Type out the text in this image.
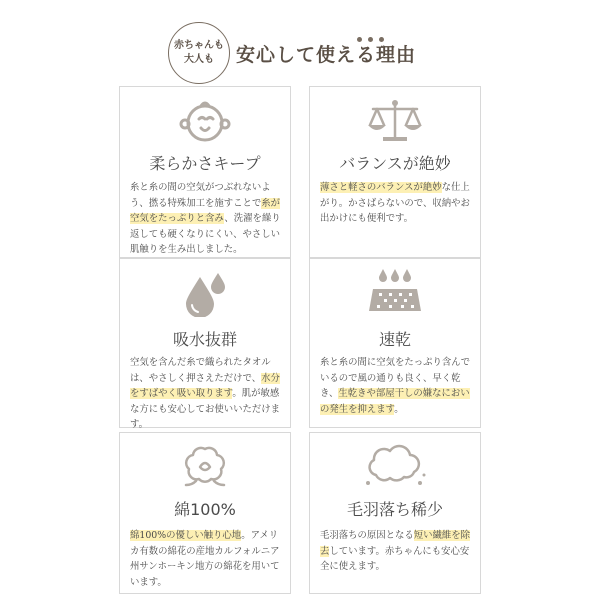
赤ちゃんも
大人も 安心して使える理由
柔らかさキープ
糸と糸の間の空気がつぶれないよう、撚る特殊加工を施すことで糸が空気をたっぷりと含み、洗濯を繰り返しても硬くなりにくい、やさしい肌触りを生み出しました。
バランスが絶妙
薄さと軽さのバランスが絶妙な仕上がり。かさばらないので、収納やお出かけにも便利です。
吸水抜群
空気を含んだ糸で織られたタオルは、やさしく押さえただけで、水分をすばやく吸い取ります。肌が敏感な方にも安心してお使いいただけます。
速乾
糸と糸の間に空気をたっぷり含んでいるので風の通りも良く、早く乾き、生乾きや部屋干しの嫌なにおいの発生を抑えます。
綿100%
綿100%の優しい触り心地。アメリカ有数の綿花の産地カルフォルニア州サンホーキン地方の綿花を用いています。
毛羽落ち稀少
毛羽落ちの原因となる短い繊維を除去しています。赤ちゃんにも安心安全に使えます。
